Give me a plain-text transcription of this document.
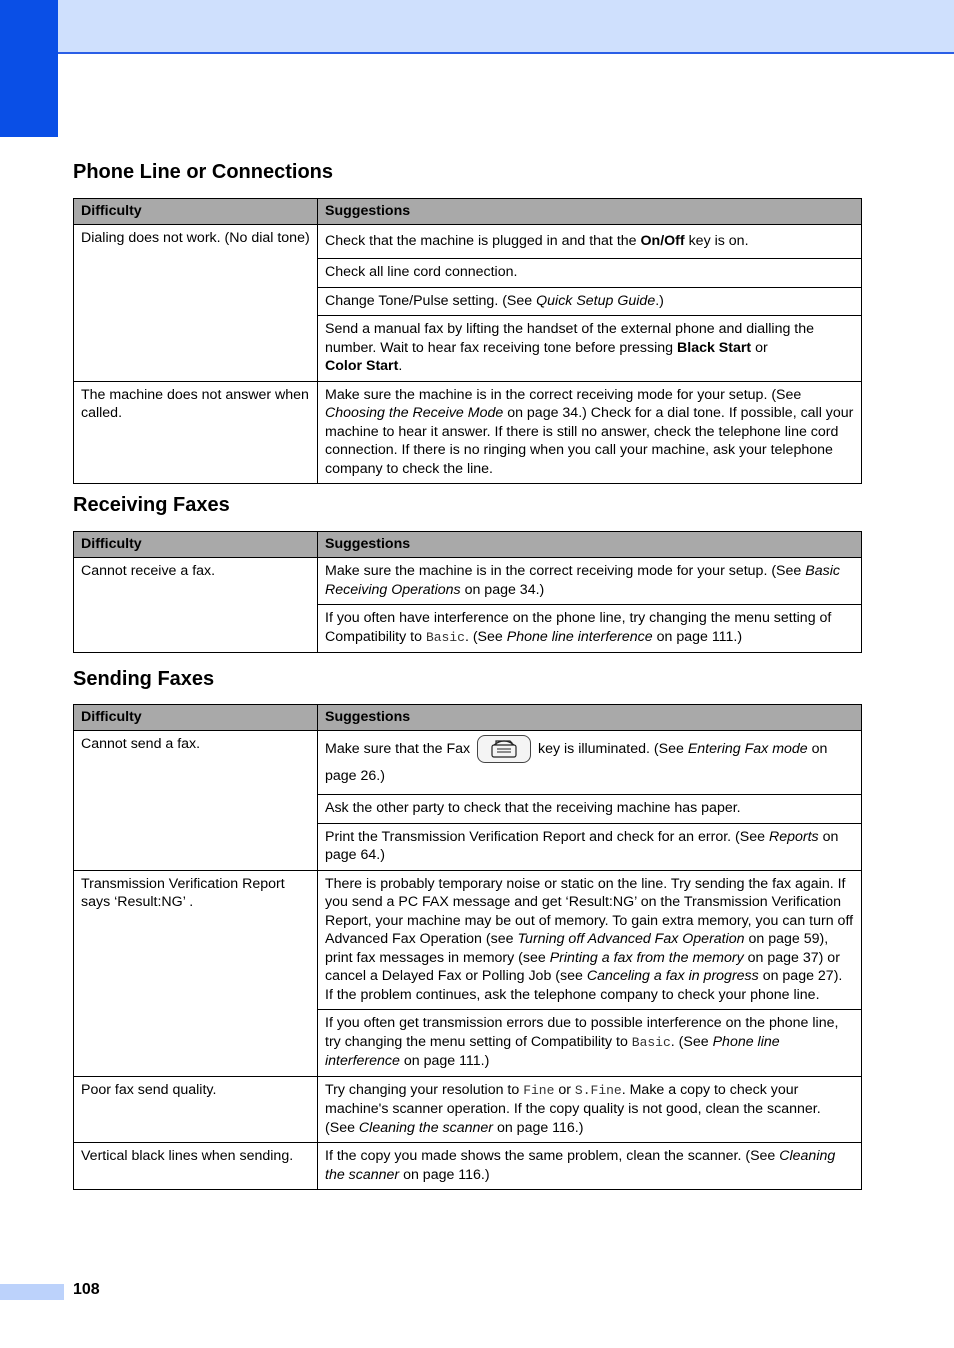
Phone Line or Connections
Difficulty	Suggestions
Dialing does not work. (No dial tone)	Check that the machine is plugged in and that the On/Off key is on.
	Check all line cord connection.
	Change Tone/Pulse setting. (See Quick Setup Guide.)
	Send a manual fax by lifting the handset of the external phone and dialling the number. Wait to hear fax receiving tone before pressing Black Start or
Color Start.
The machine does not answer when called.	Make sure the machine is in the correct receiving mode for your setup. (See Choosing the Receive Mode on page 34.) Check for a dial tone. If possible, call your machine to hear it answer. If there is still no answer, check the telephone line cord connection. If there is no ringing when you call your machine, ask your telephone company to check the line.
Receiving Faxes
Difficulty	Suggestions
Cannot receive a fax.	Make sure the machine is in the correct receiving mode for your setup. (See Basic Receiving Operations on page 34.)
	If you often have interference on the phone line, try changing the menu setting of Compatibility to Basic. (See Phone line interference on page 111.)
Sending Faxes
Difficulty	Suggestions
Cannot send a fax.	Make sure that the Fax key is illuminated. (See Entering Fax mode on page 26.)
	Ask the other party to check that the receiving machine has paper.
	Print the Transmission Verification Report and check for an error. (See Reports on page 64.)
Transmission Verification Report says ‘Result:NG’ .	There is probably temporary noise or static on the line. Try sending the fax again. If you send a PC FAX message and get ‘Result:NG’ on the Transmission Verification Report, your machine may be out of memory. To gain extra memory, you can turn off Advanced Fax Operation (see Turning off Advanced Fax Operation on page 59), print fax messages in memory (see Printing a fax from the memory on page 37) or cancel a Delayed Fax or Polling Job (see Canceling a fax in progress on page 27). If the problem continues, ask the telephone company to check your phone line.
	If you often get transmission errors due to possible interference on the phone line, try changing the menu setting of Compatibility to Basic. (See Phone line interference on page 111.)
Poor fax send quality.	Try changing your resolution to Fine or S.Fine. Make a copy to check your machine's scanner operation. If the copy quality is not good, clean the scanner. (See Cleaning the scanner on page 116.)
Vertical black lines when sending.	If the copy you made shows the same problem, clean the scanner. (See Cleaning the scanner on page 116.)
108
